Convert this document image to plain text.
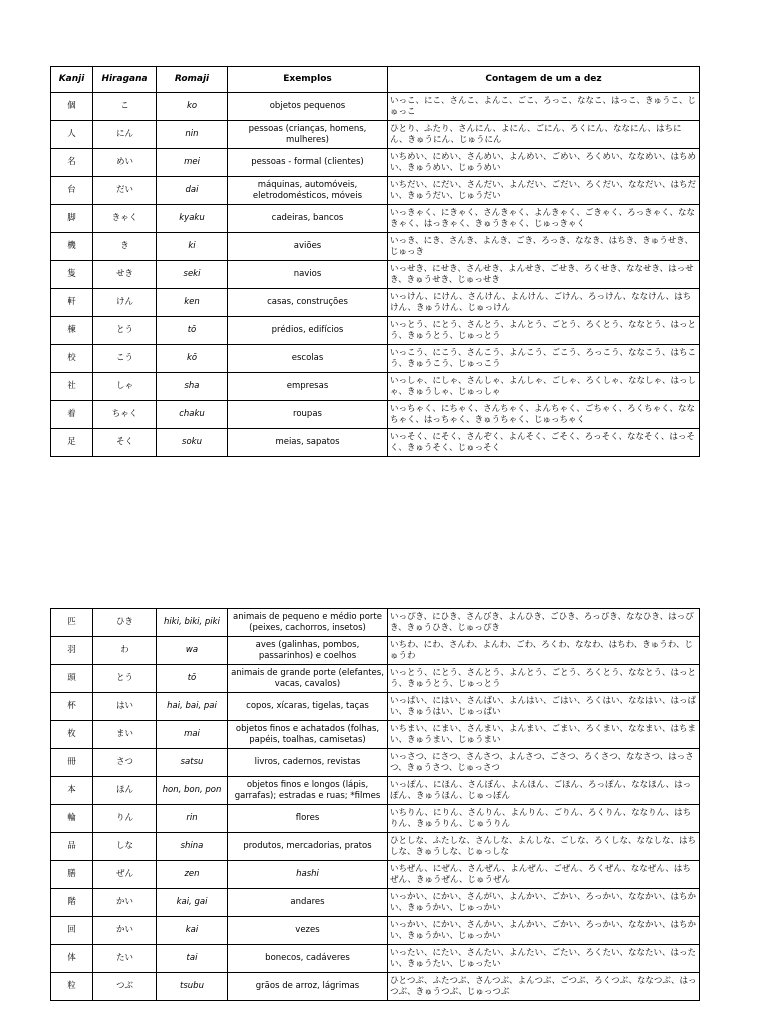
Kanji	Hiragana	Romaji	Exemplos	Contagem de um a dez
個	こ	ko	objetos pequenos	いっこ、にこ、さんこ、よんこ、ごこ、ろっこ、ななこ、はっこ、きゅうこ、じゅっこ
人	にん	nin	pessoas (crianças, homens, mulheres)	ひとり、ふたり、さんにん、よにん、ごにん、ろくにん、ななにん、はちにん、きゅうにん、じゅうにん
名	めい	mei	pessoas - formal (clientes)	いちめい、にめい、さんめい、よんめい、ごめい、ろくめい、ななめい、はちめい、きゅうめい、じゅうめい
台	だい	dai	máquinas, automóveis, eletrodomésticos, móveis	いちだい、にだい、さんだい、よんだい、ごだい、ろくだい、ななだい、はちだい、きゅうだい、じゅうだい
脚	きゃく	kyaku	cadeiras, bancos	いっきゃく、にきゃく、さんきゃく、よんきゃく、ごきゃく、ろっきゃく、ななきゃく、はっきゃく、きゅうきゃく、じゅっきゃく
機	き	ki	aviões	いっき、にき、さんき、よんき、ごき、ろっき、ななき、はちき、きゅうせき、じゅっき
隻	せき	seki	navios	いっせき、にせき、さんせき、よんせき、ごせき、ろくせき、ななせき、はっせき、きゅうせき、じゅっせき
軒	けん	ken	casas, construções	いっけん、にけん、さんけん、よんけん、ごけん、ろっけん、ななけん、はちけん、きゅうけん、じゅっけん
棟	とう	tō	prédios, edifícios	いっとう、にとう、さんとう、よんとう、ごとう、ろくとう、ななとう、はっとう、きゅうとう、じゅっとう
校	こう	kō	escolas	いっこう、にこう、さんこう、よんこう、ごこう、ろっこう、ななこう、はちこう、きゅうこう、じゅっこう
社	しゃ	sha	empresas	いっしゃ、にしゃ、さんしゃ、よんしゃ、ごしゃ、ろくしゃ、ななしゃ、はっしゃ、きゅうしゃ、じゅっしゃ
着	ちゃく	chaku	roupas	いっちゃく、にちゃく、さんちゃく、よんちゃく、ごちゃく、ろくちゃく、ななちゃく、はっちゃく、きゅうちゃく、じゅっちゃく
足	そく	soku	meias, sapatos	いっそく、にそく、さんぞく、よんそく、ごそく、ろっそく、ななそく、はっそく、きゅうそく、じゅっそく
匹	ひき	hiki, biki, piki	animais de pequeno e médio porte (peixes, cachorros, insetos)	いっぴき、にひき、さんびき、よんひき、ごひき、ろっぴき、ななひき、はっぴき、きゅうひき、じゅっぴき
羽	わ	wa	aves (galinhas, pombos, passarinhos) e coelhos	いちわ、にわ、さんわ、よんわ、ごわ、ろくわ、ななわ、はちわ、きゅうわ、じゅうわ
頭	とう	tō	animais de grande porte (elefantes, vacas, cavalos)	いっとう、にとう、さんとう、よんとう、ごとう、ろくとう、ななとう、はっとう、きゅうとう、じゅっとう
杯	はい	hai, bai, pai	copos, xícaras, tigelas, taças	いっぱい、にはい、さんばい、よんはい、ごはい、ろくはい、ななはい、はっぱい、きゅうはい、じゅっぱい
枚	まい	mai	objetos finos e achatados (folhas, papéis, toalhas, camisetas)	いちまい、にまい、さんまい、よんまい、ごまい、ろくまい、ななまい、はちまい、きゅうまい、じゅうまい
冊	さつ	satsu	livros, cadernos, revistas	いっさつ、にさつ、さんさつ、よんさつ、ごさつ、ろくさつ、ななさつ、はっさつ、きゅうさつ、じゅっさつ
本	ほん	hon, bon, pon	objetos finos e longos (lápis, garrafas); estradas e ruas; *filmes	いっぽん、にほん、さんぼん、よんほん、ごほん、ろっぽん、ななほん、はっぽん、きゅうほん、じゅっぽん
輪	りん	rin	flores	いちりん、にりん、さんりん、よんりん、ごりん、ろくりん、ななりん、はちりん、きゅうりん、じゅうりん
品	しな	shina	produtos, mercadorias, pratos	ひとしな、ふたしな、さんしな、よんしな、ごしな、ろくしな、ななしな、はちしな、きゅうしな、じゅっしな
膳	ぜん	zen	hashi	いちぜん、にぜん、さんぜん、よんぜん、ごぜん、ろくぜん、ななぜん、はちぜん、きゅうぜん、じゅうぜん
階	かい	kai, gai	andares	いっかい、にかい、さんがい、よんかい、ごかい、ろっかい、ななかい、はちかい、きゅうかい、じゅっかい
回	かい	kai	vezes	いっかい、にかい、さんかい、よんかい、ごかい、ろっかい、ななかい、はちかい、きゅうかい、じゅっかい
体	たい	tai	bonecos, cadáveres	いったい、にたい、さんたい、よんたい、ごたい、ろくたい、ななたい、はったい、きゅうたい、じゅったい
粒	つぶ	tsubu	grãos de arroz, lágrimas	ひとつぶ、ふたつぶ、さんつぶ、よんつぶ、ごつぶ、ろくつぶ、ななつぶ、はっつぶ、きゅうつぶ、じゅっつぶ
